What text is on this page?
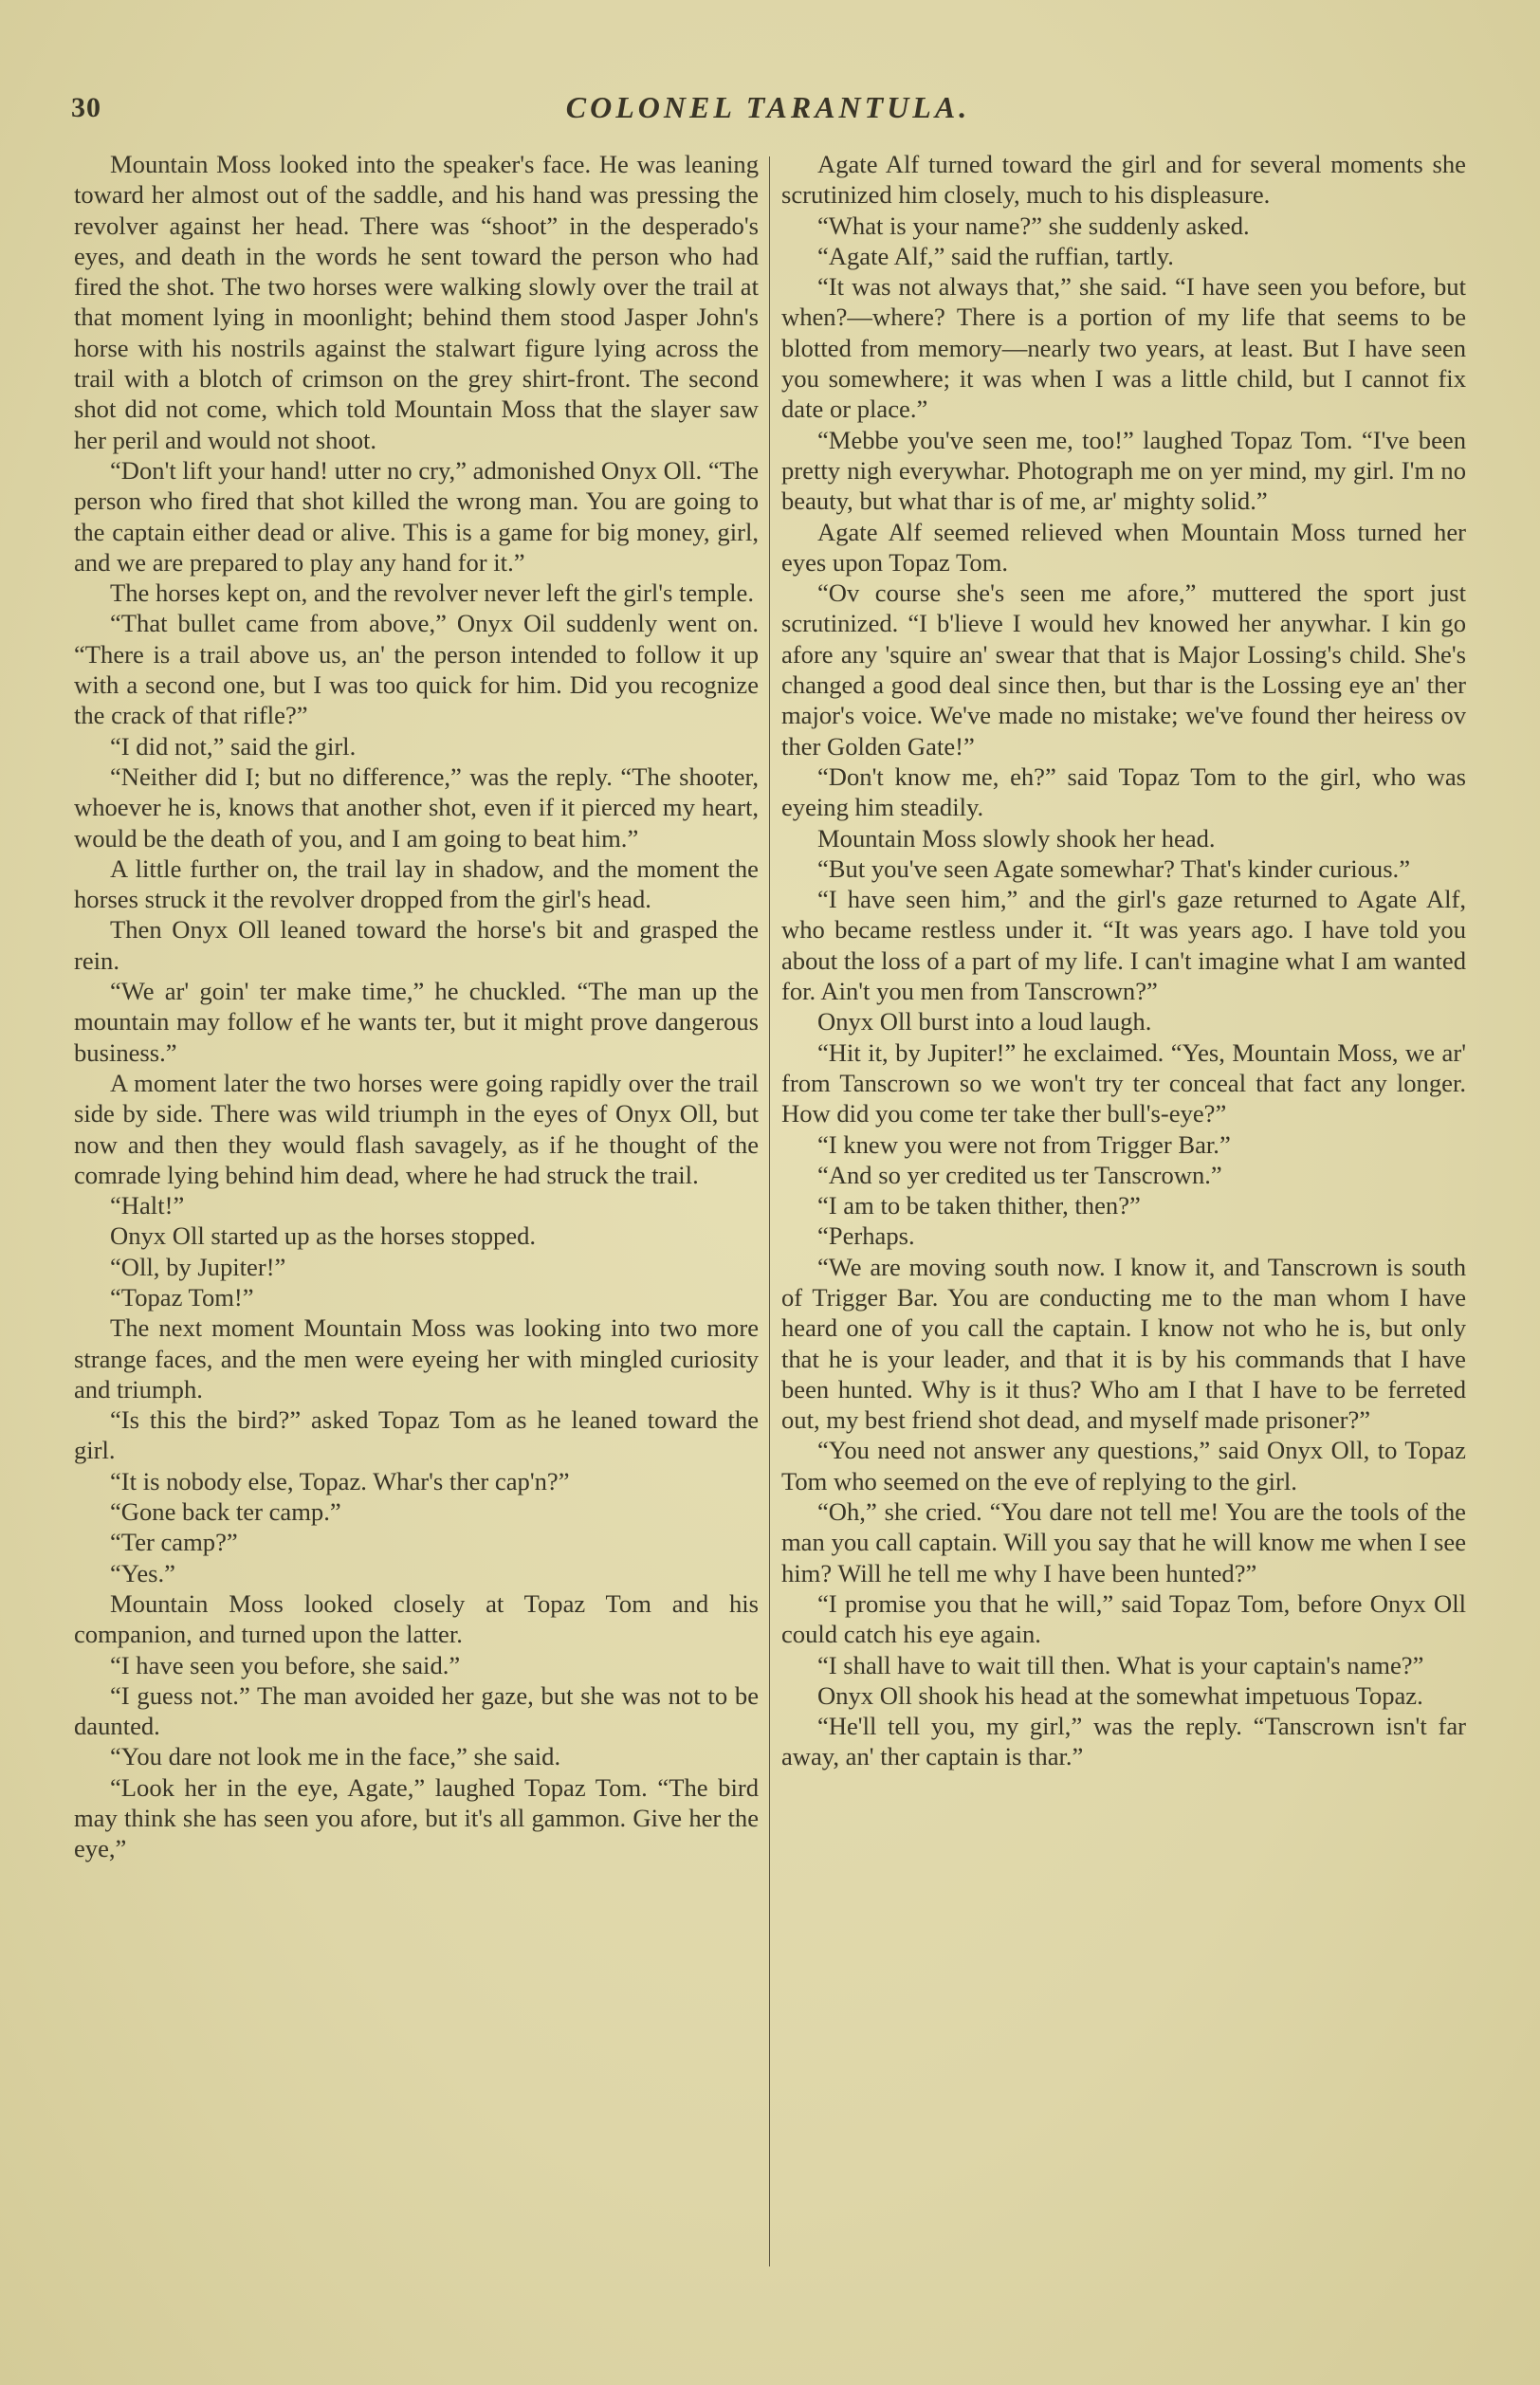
30	COLONEL TARANTULA.

Mountain Moss looked into the speaker's face. He was leaning toward her almost out of the saddle, and his hand was pressing the revolver against her head. There was “shoot” in the desperado's eyes, and death in the words he sent toward the person who had fired the shot. The two horses were walking slowly over the trail at that moment lying in moonlight; behind them stood Jasper John's horse with his nostrils against the stalwart figure lying across the trail with a blotch of crimson on the grey shirt-front. The second shot did not come, which told Mountain Moss that the slayer saw her peril and would not shoot.

“Don't lift your hand! utter no cry,” admonished Onyx Oll. “The person who fired that shot killed the wrong man. You are going to the captain either dead or alive. This is a game for big money, girl, and we are prepared to play any hand for it.”

The horses kept on, and the revolver never left the girl's temple.

“That bullet came from above,” Onyx Oil suddenly went on. “There is a trail above us, an' the person intended to follow it up with a second one, but I was too quick for him. Did you recognize the crack of that rifle?”

“I did not,” said the girl.

“Neither did I; but no difference,” was the reply. “The shooter, whoever he is, knows that another shot, even if it pierced my heart, would be the death of you, and I am going to beat him.”

A little further on, the trail lay in shadow, and the moment the horses struck it the revolver dropped from the girl's head.

Then Onyx Oll leaned toward the horse's bit and grasped the rein.

“We ar' goin' ter make time,” he chuckled. “The man up the mountain may follow ef he wants ter, but it might prove dangerous business.”

A moment later the two horses were going rapidly over the trail side by side. There was wild triumph in the eyes of Onyx Oll, but now and then they would flash savagely, as if he thought of the comrade lying behind him dead, where he had struck the trail.

“Halt!”

Onyx Oll started up as the horses stopped.

“Oll, by Jupiter!”

“Topaz Tom!”

The next moment Mountain Moss was looking into two more strange faces, and the men were eyeing her with mingled curiosity and triumph.

“Is this the bird?” asked Topaz Tom as he leaned toward the girl.

“It is nobody else, Topaz. Whar's ther cap'n?”

“Gone back ter camp.”

“Ter camp?”

“Yes.”

Mountain Moss looked closely at Topaz Tom and his companion, and turned upon the latter.

“I have seen you before, she said.”

“I guess not.” The man avoided her gaze, but she was not to be daunted.

“You dare not look me in the face,” she said.

“Look her in the eye, Agate,” laughed Topaz Tom. “The bird may think she has seen you afore, but it's all gammon. Give her the eye,”

Agate Alf turned toward the girl and for several moments she scrutinized him closely, much to his displeasure.

“What is your name?” she suddenly asked.

“Agate Alf,” said the ruffian, tartly.

“It was not always that,” she said. “I have seen you before, but when?—where? There is a portion of my life that seems to be blotted from memory—nearly two years, at least. But I have seen you somewhere; it was when I was a little child, but I cannot fix date or place.”

“Mebbe you've seen me, too!” laughed Topaz Tom. “I've been pretty nigh everywhar. Photograph me on yer mind, my girl. I'm no beauty, but what thar is of me, ar' mighty solid.”

Agate Alf seemed relieved when Mountain Moss turned her eyes upon Topaz Tom.

“Ov course she's seen me afore,” muttered the sport just scrutinized. “I b'lieve I would hev knowed her anywhar. I kin go afore any 'squire an' swear that that is Major Lossing's child. She's changed a good deal since then, but thar is the Lossing eye an' ther major's voice. We've made no mistake; we've found ther heiress ov ther Golden Gate!”

“Don't know me, eh?” said Topaz Tom to the girl, who was eyeing him steadily.

Mountain Moss slowly shook her head.

“But you've seen Agate somewhar? That's kinder curious.”

“I have seen him,” and the girl's gaze returned to Agate Alf, who became restless under it. “It was years ago. I have told you about the loss of a part of my life. I can't imagine what I am wanted for. Ain't you men from Tanscrown?”

Onyx Oll burst into a loud laugh.

“Hit it, by Jupiter!” he exclaimed. “Yes, Mountain Moss, we ar' from Tanscrown so we won't try ter conceal that fact any longer. How did you come ter take ther bull's-eye?”

“I knew you were not from Trigger Bar.”

“And so yer credited us ter Tanscrown.”

“I am to be taken thither, then?”

“Perhaps.

“We are moving south now. I know it, and Tanscrown is south of Trigger Bar. You are conducting me to the man whom I have heard one of you call the captain. I know not who he is, but only that he is your leader, and that it is by his commands that I have been hunted. Why is it thus? Who am I that I have to be ferreted out, my best friend shot dead, and myself made prisoner?”

“You need not answer any questions,” said Onyx Oll, to Topaz Tom who seemed on the eve of replying to the girl.

“Oh,” she cried. “You dare not tell me! You are the tools of the man you call captain. Will you say that he will know me when I see him? Will he tell me why I have been hunted?”

“I promise you that he will,” said Topaz Tom, before Onyx Oll could catch his eye again.

“I shall have to wait till then. What is your captain's name?”

Onyx Oll shook his head at the somewhat impetuous Topaz.

“He'll tell you, my girl,” was the reply. “Tanscrown isn't far away, an' ther captain is thar.”
